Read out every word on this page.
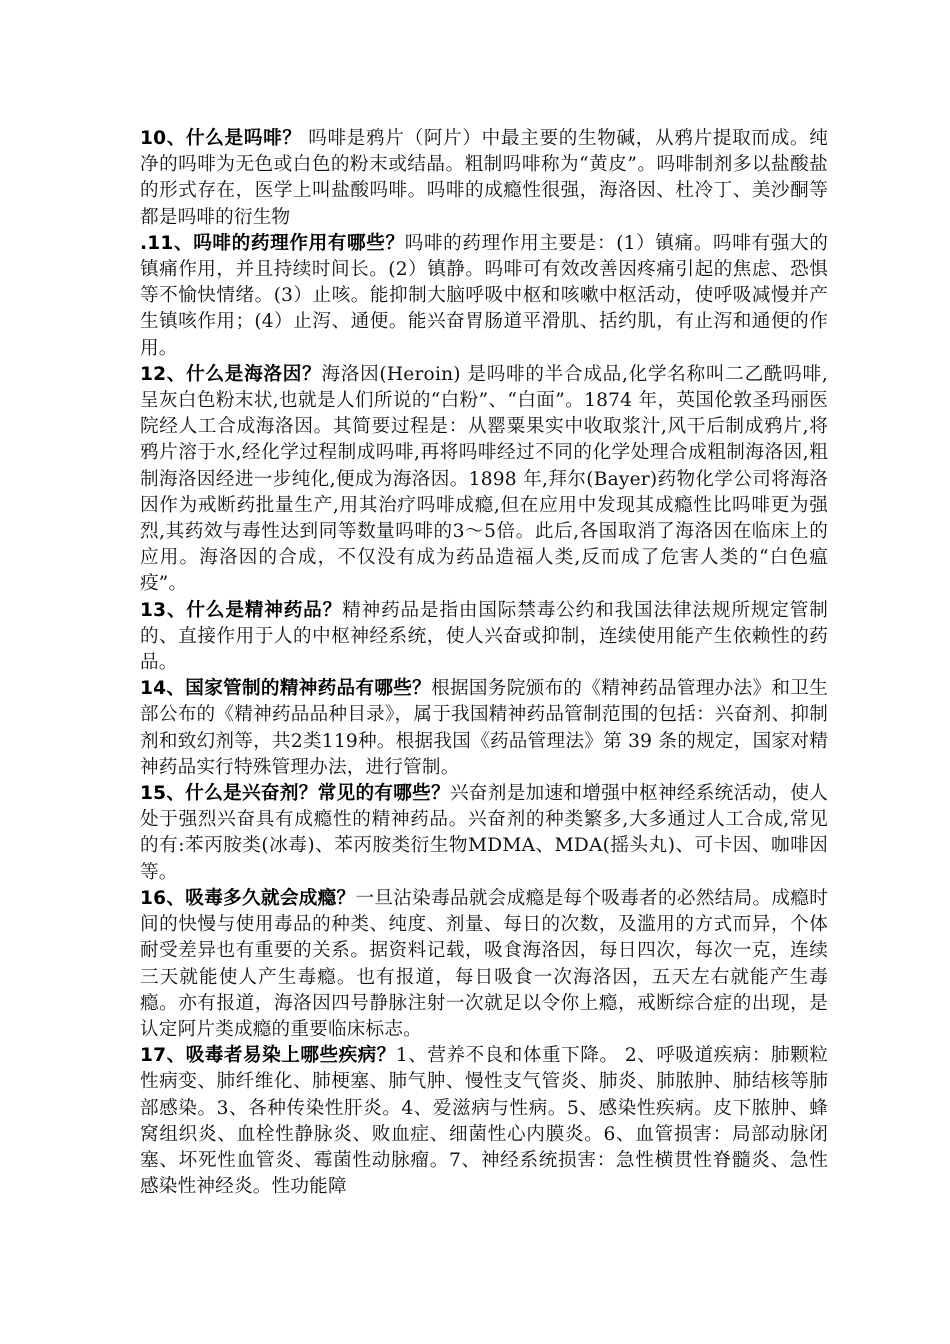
10、什么是吗啡？ 吗啡是鸦片（阿片）中最主要的生物碱，从鸦片提取而成。纯净的吗啡为无色或白色的粉末或结晶。粗制吗啡称为“黄皮”。吗啡制剂多以盐酸盐的形式存在，医学上叫盐酸吗啡。吗啡的成瘾性很强，海洛因、杜冷丁、美沙酮等都是吗啡的衍生物

.11、吗啡的药理作用有哪些？吗啡的药理作用主要是：(1）镇痛。吗啡有强大的镇痛作用，并且持续时间长。(2）镇静。吗啡可有效改善因疼痛引起的焦虑、恐惧等不愉快情绪。(3）止咳。能抑制大脑呼吸中枢和咳嗽中枢活动，使呼吸减慢并产生镇咳作用；(4）止泻、通便。能兴奋胃肠道平滑肌、括约肌，有止泻和通便的作用。

12、什么是海洛因？海洛因(Heroin) 是吗啡的半合成品,化学名称叫二乙酰吗啡,呈灰白色粉末状,也就是人们所说的“白粉”、“白面”。1874 年，英国伦敦圣玛丽医院经人工合成海洛因。其简要过程是：从罂粟果实中收取浆汁,风干后制成鸦片,将鸦片溶于水,经化学过程制成吗啡,再将吗啡经过不同的化学处理合成粗制海洛因,粗制海洛因经进一步纯化,便成为海洛因。1898 年,拜尔(Bayer)药物化学公司将海洛因作为戒断药批量生产,用其治疗吗啡成瘾,但在应用中发现其成瘾性比吗啡更为强烈,其药效与毒性达到同等数量吗啡的3～5倍。此后,各国取消了海洛因在临床上的应用。海洛因的合成，不仅没有成为药品造福人类,反而成了危害人类的“白色瘟疫”。

13、什么是精神药品？精神药品是指由国际禁毒公约和我国法律法规所规定管制的、直接作用于人的中枢神经系统，使人兴奋或抑制，连续使用能产生依赖性的药品。

14、国家管制的精神药品有哪些？根据国务院颁布的《精神药品管理办法》和卫生部公布的《精神药品品种目录》，属于我国精神药品管制范围的包括：兴奋剂、抑制剂和致幻剂等，共2类119种。根据我国《药品管理法》第 39 条的规定，国家对精神药品实行特殊管理办法，进行管制。

15、什么是兴奋剂？常见的有哪些？兴奋剂是加速和增强中枢神经系统活动，使人处于强烈兴奋具有成瘾性的精神药品。兴奋剂的种类繁多,大多通过人工合成,常见的有:苯丙胺类(冰毒)、苯丙胺类衍生物MDMA、MDA(摇头丸)、可卡因、咖啡因等。

16、吸毒多久就会成瘾？一旦沾染毒品就会成瘾是每个吸毒者的必然结局。成瘾时间的快慢与使用毒品的种类、纯度、剂量、每日的次数，及滥用的方式而异，个体耐受差异也有重要的关系。据资料记载，吸食海洛因，每日四次，每次一克，连续三天就能使人产生毒瘾。也有报道，每日吸食一次海洛因，五天左右就能产生毒瘾。亦有报道，海洛因四号静脉注射一次就足以令你上瘾，戒断综合症的出现，是认定阿片类成瘾的重要临床标志。

17、吸毒者易染上哪些疾病？1、营养不良和体重下降。 2、呼吸道疾病：肺颗粒性病变、肺纤维化、肺梗塞、肺气肿、慢性支气管炎、肺炎、肺脓肿、肺结核等肺部感染。3、各种传染性肝炎。4、爱滋病与性病。5、感染性疾病。皮下脓肿、蜂窝组织炎、血栓性静脉炎、败血症、细菌性心内膜炎。6、血管损害：局部动脉闭塞、坏死性血管炎、霉菌性动脉瘤。7、神经系统损害：急性横贯性脊髓炎、急性感染性神经炎。性功能障
